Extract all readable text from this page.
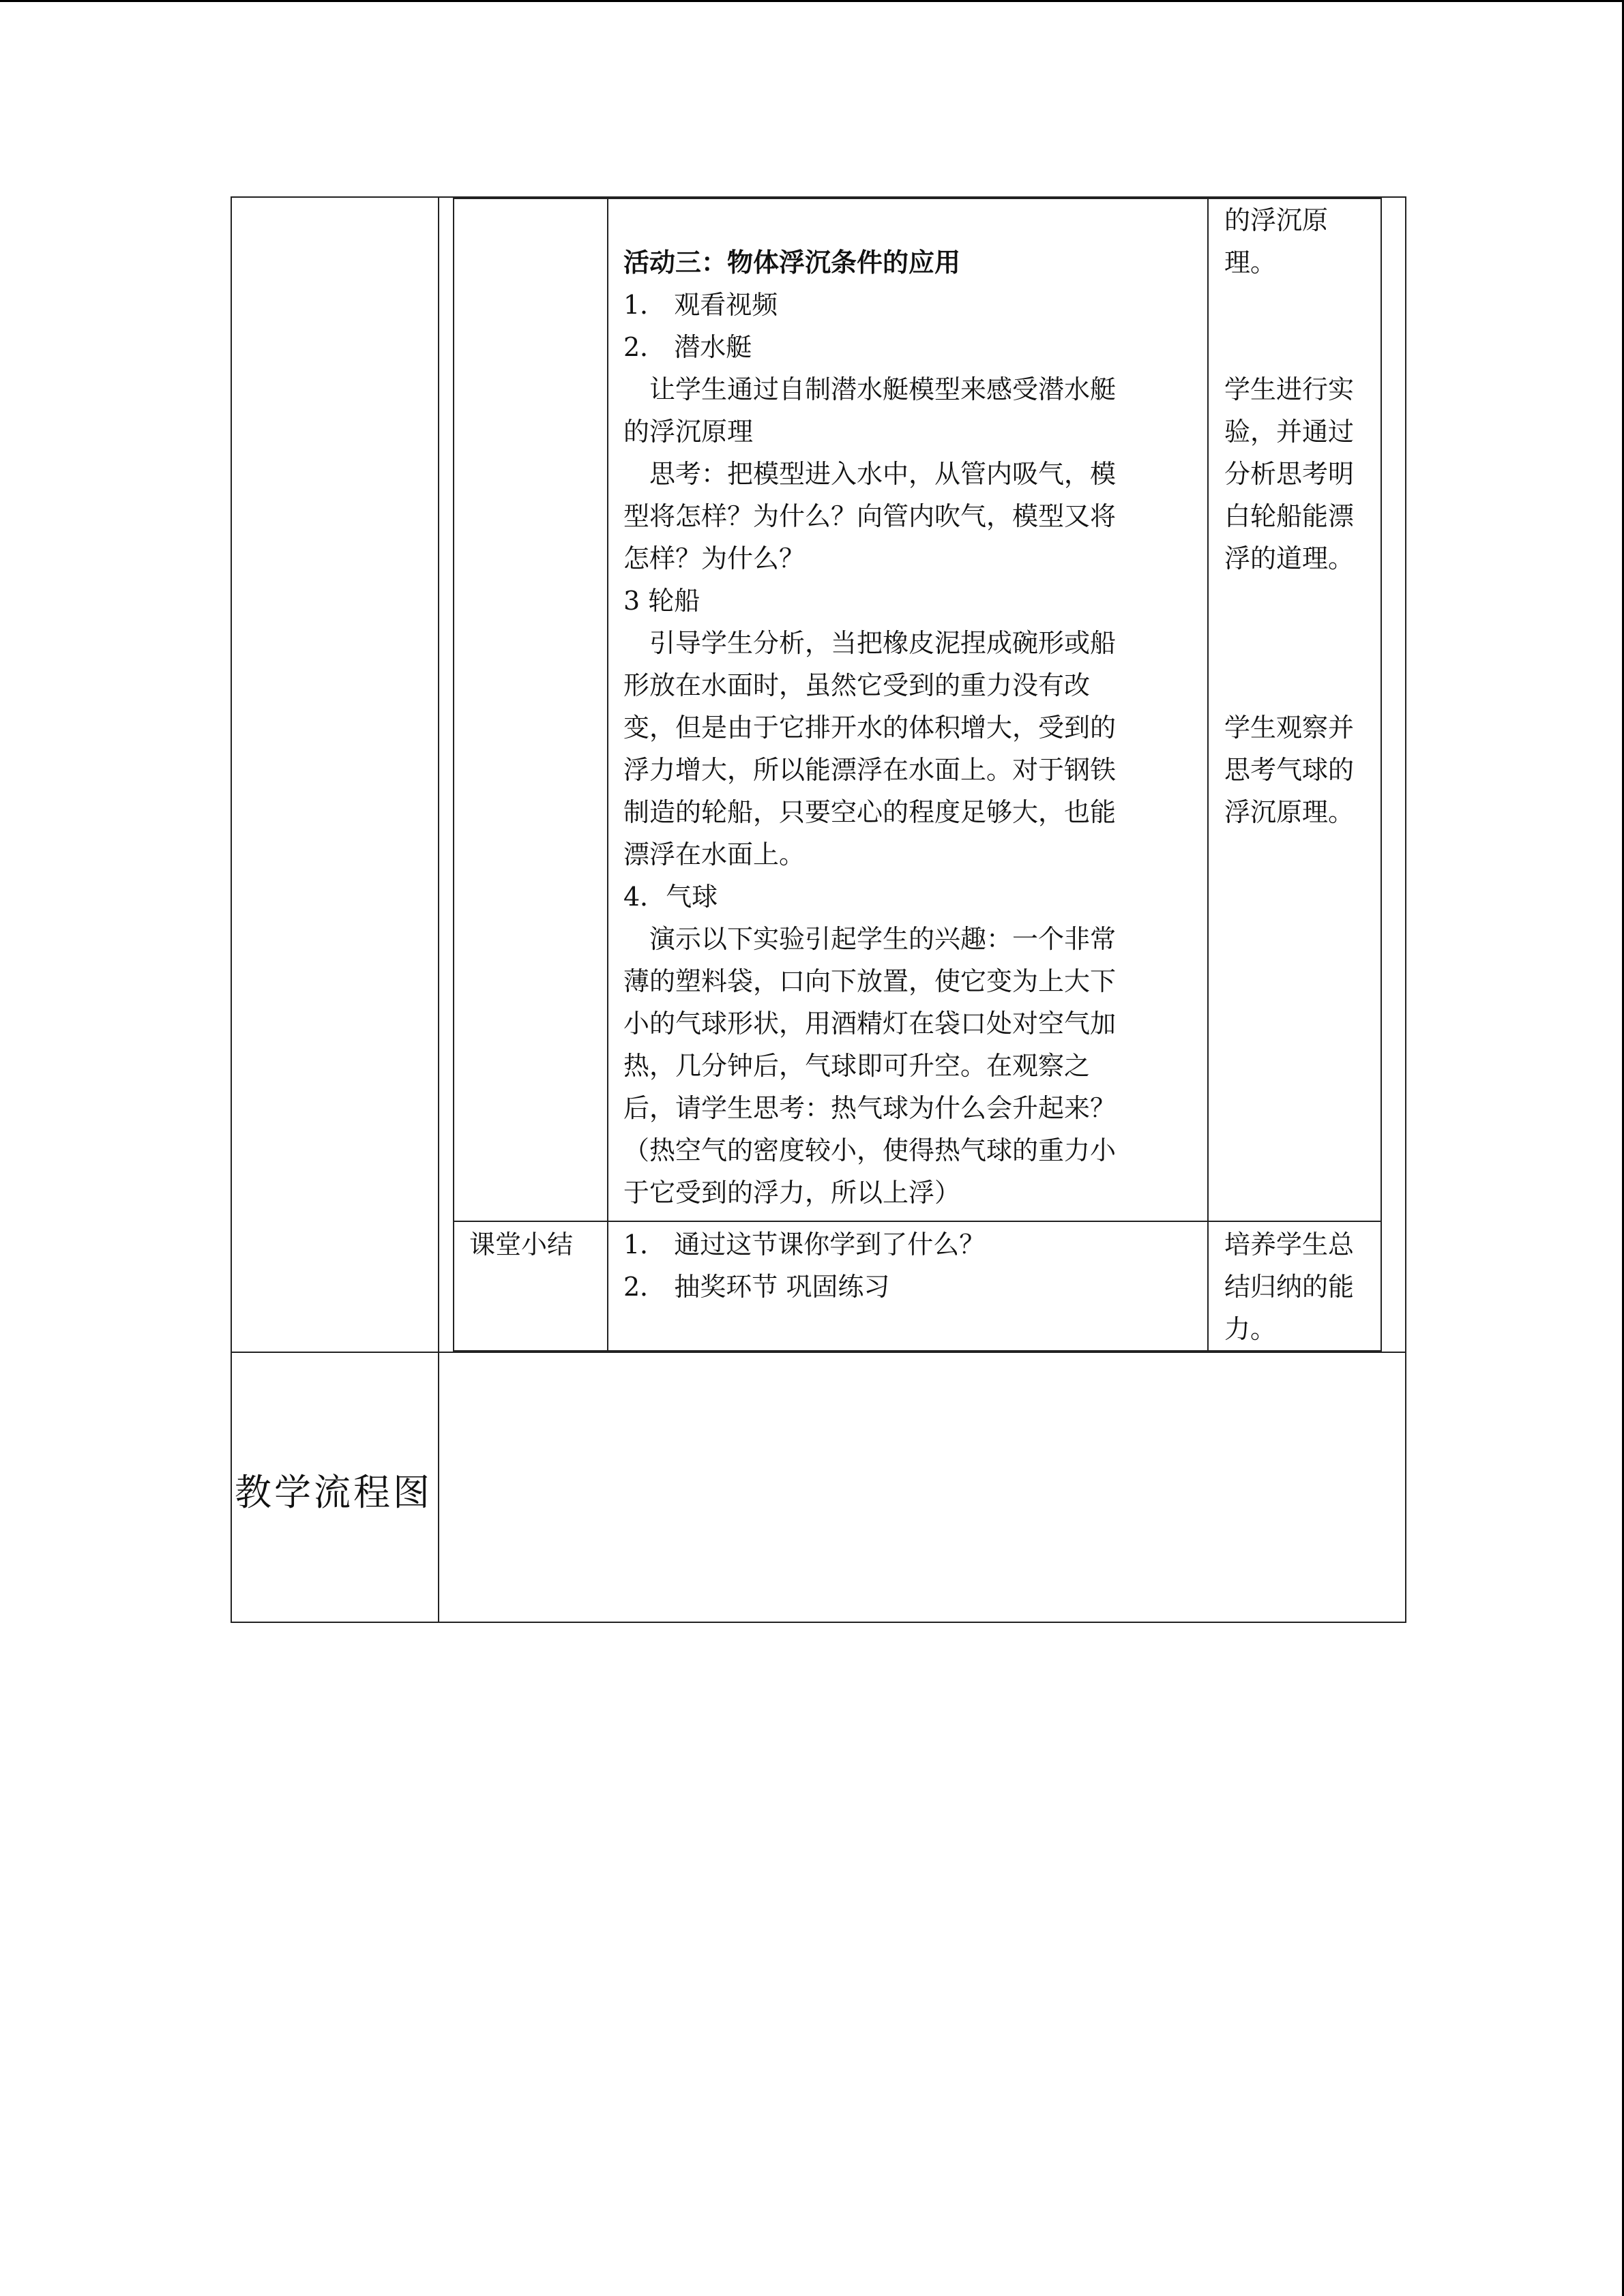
活动三：物体浮沉条件的应用
1． 观看视频
2． 潜水艇
　让学生通过自制潜水艇模型来感受潜水艇
的浮沉原理
　思考：把模型进入水中，从管内吸气，模
型将怎样？为什么？向管内吹气，模型又将
怎样？为什么？
3 轮船
　引导学生分析，当把橡皮泥捏成碗形或船
形放在水面时，虽然它受到的重力没有改
变，但是由于它排开水的体积增大，受到的
浮力增大，所以能漂浮在水面上。对于钢铁
制造的轮船，只要空心的程度足够大，也能
漂浮在水面上。
4．气球
　演示以下实验引起学生的兴趣：一个非常
薄的塑料袋，口向下放置，使它变为上大下
小的气球形状，用酒精灯在袋口处对空气加
热，几分钟后，气球即可升空。在观察之
后，请学生思考：热气球为什么会升起来？
（热空气的密度较小，使得热气球的重力小
于它受到的浮力，所以上浮）
的浮沉原
理。
学生进行实
验，并通过
分析思考明
白轮船能漂
浮的道理。
学生观察并
思考气球的
浮沉原理。
课堂小结 1． 通过这节课你学到了什么？
2． 抽奖环节 巩固练习
培养学生总
结归纳的能
力。
教学流程图
